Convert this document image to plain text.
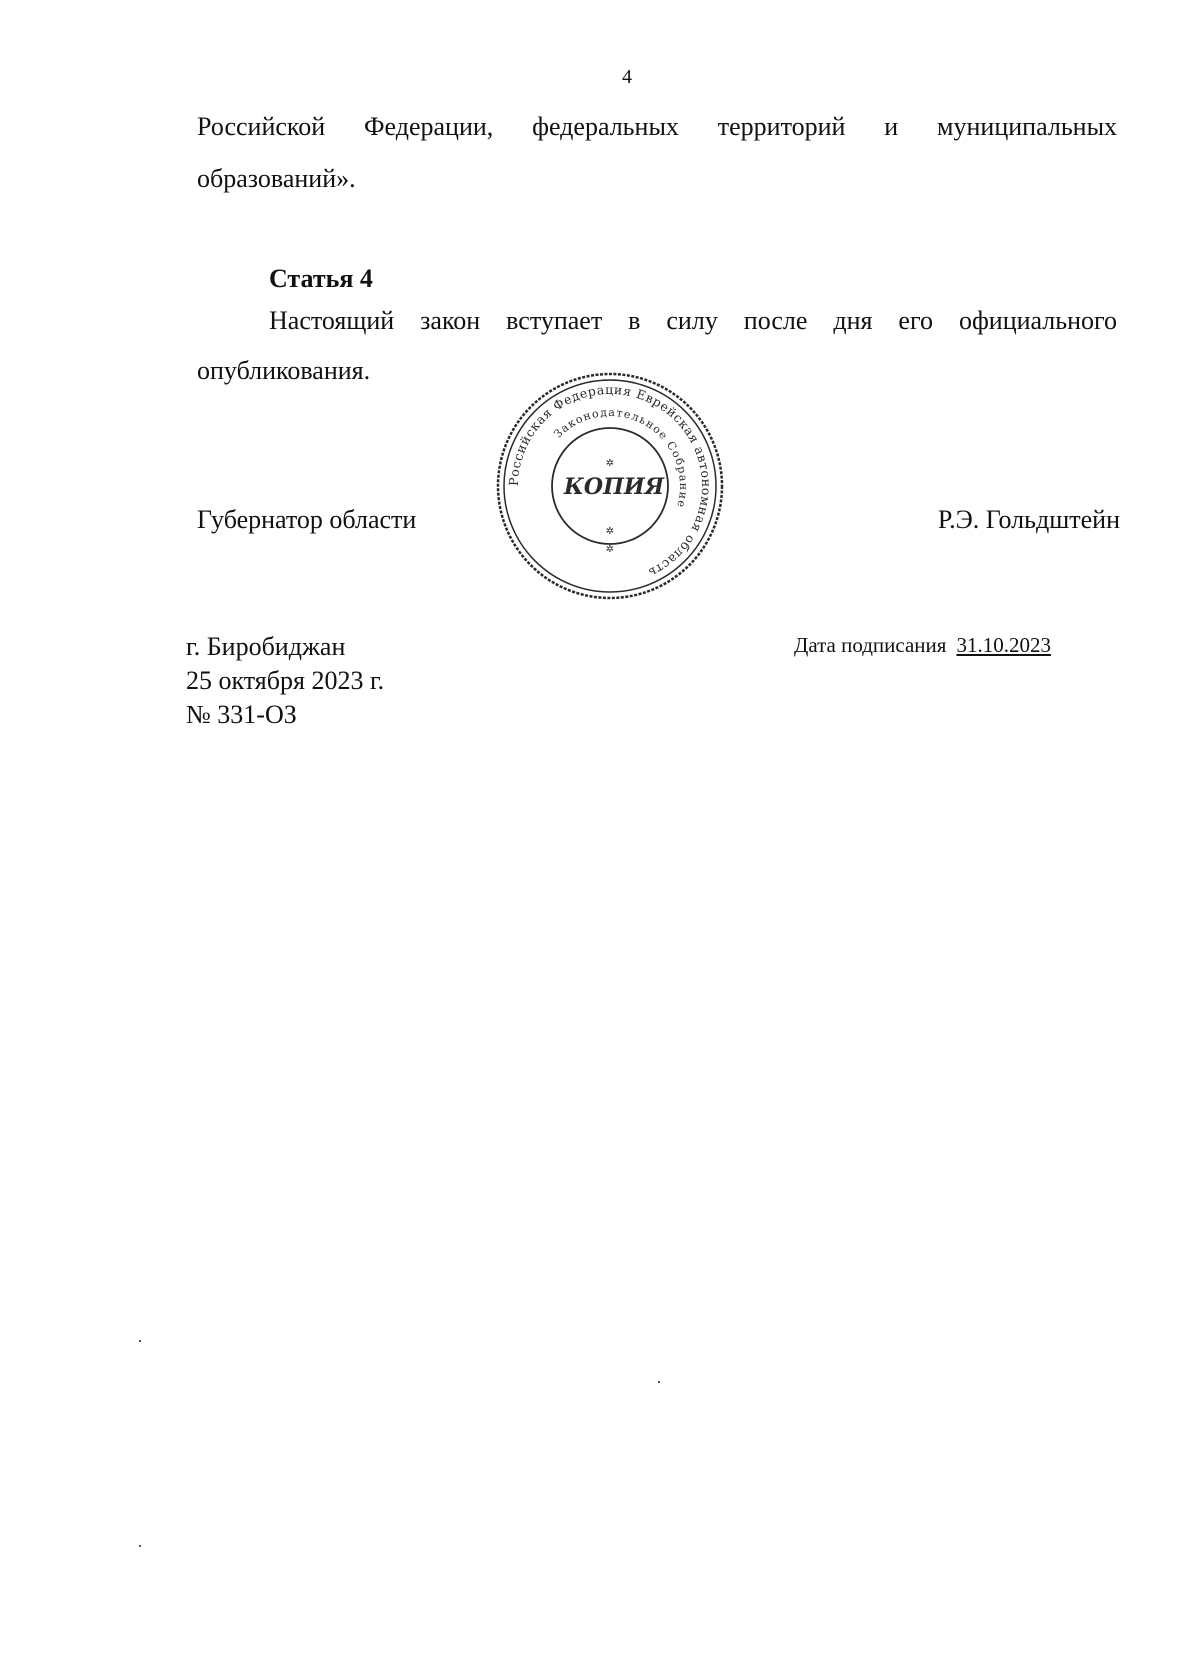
4
Российской Федерации, федеральных территорий и муниципальных
образований».
Статья 4
Настоящий закон вступает в силу после дня его официального
опубликования.
Губернатор области	Р.Э. Гольдштейн
Российская Федерация Еврейская автономная область
Законодательное Собрание
✲
КОПИЯ
✲
✲
г. Биробиджан
25 октября 2023 г.
№ 331-ОЗ
Дата подписания 31.10.2023
